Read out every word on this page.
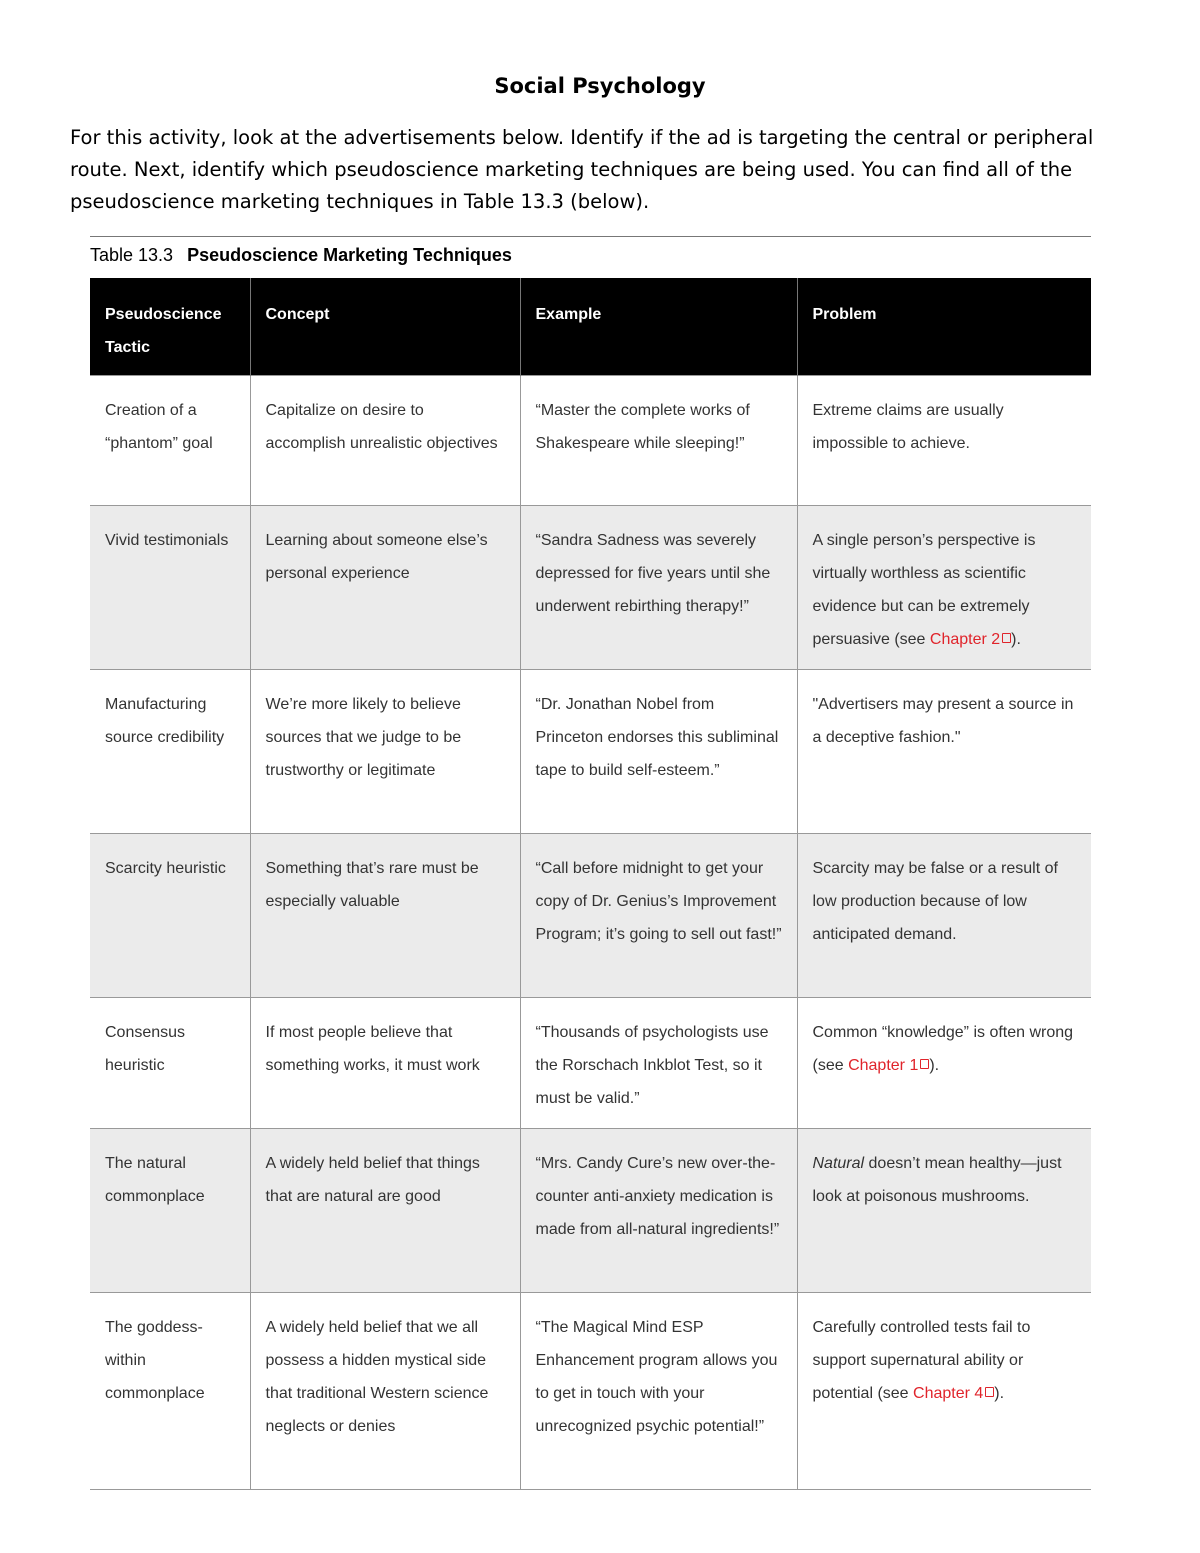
Social Psychology
For this activity, look at the advertisements below. Identify if the ad is targeting the central or peripheral route. Next, identify which pseudoscience marketing techniques are being used. You can find all of the pseudoscience marketing techniques in Table 13.3 (below).
Table 13.3 Pseudoscience Marketing Techniques
Pseudoscience Tactic	Concept	Example	Problem
Creation of a “phantom” goal	Capitalize on desire to accomplish unrealistic objectives	“Master the complete works of Shakespeare while sleeping!”	Extreme claims are usually impossible to achieve.
Vivid testimonials	Learning about someone else’s personal experience	“Sandra Sadness was severely depressed for five years until she underwent rebirthing therapy!”	A single person’s perspective is virtually worthless as scientific evidence but can be extremely persuasive (see Chapter 2 ).
Manufacturing source credibility	We’re more likely to believe sources that we judge to be trustworthy or legitimate	“Dr. Jonathan Nobel from Princeton endorses this subliminal tape to build self-esteem.”	"Advertisers may present a source in a deceptive fashion."
Scarcity heuristic	Something that’s rare must be especially valuable	“Call before midnight to get your copy of Dr. Genius’s Improvement Program; it’s going to sell out fast!”	Scarcity may be false or a result of low production because of low anticipated demand.
Consensus heuristic	If most people believe that something works, it must work	“Thousands of psychologists use the Rorschach Inkblot Test, so it must be valid.”	Common “knowledge” is often wrong (see Chapter 1 ).
The natural commonplace	A widely held belief that things that are natural are good	“Mrs. Candy Cure’s new over-the-counter anti-anxiety medication is made from all-natural ingredients!”	Natural doesn’t mean healthy—just look at poisonous mushrooms.
The goddess-within commonplace	A widely held belief that we all possess a hidden mystical side that traditional Western science neglects or denies	“The Magical Mind ESP Enhancement program allows you to get in touch with your unrecognized psychic potential!”	Carefully controlled tests fail to support supernatural ability or potential (see Chapter 4 ).
